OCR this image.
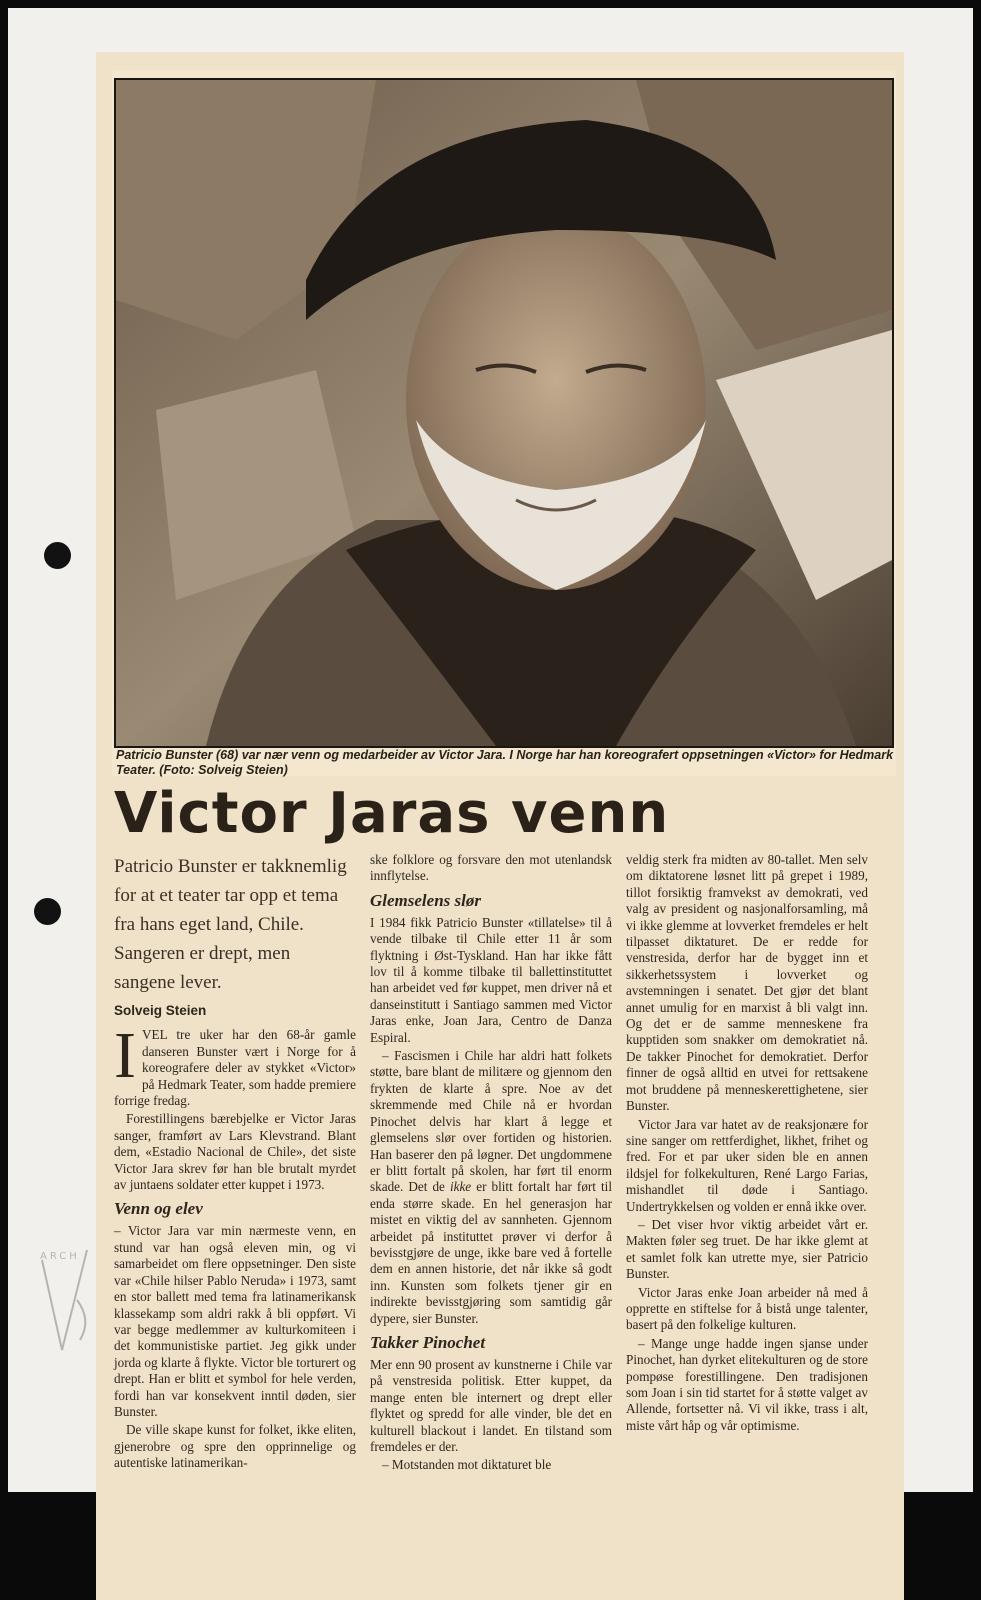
ARCH
Patricio Bunster (68) var nær venn og medarbeider av Victor Jara. I Norge har han koreografert oppsetningen «Victor» for Hedmark Teater. (Foto: Solveig Steien)
Victor Jaras venn
Patricio Bunster er takknemlig for at et teater tar opp et tema fra hans eget land, Chile. Sangeren er drept, men sangene lever.
Solveig Steien

IVEL tre uker har den 68-år gamle danseren Bunster vært i Norge for å koreografere deler av stykket «Victor» på Hedmark Teater, som hadde premiere forrige fredag.

Forestillingens bærebjelke er Victor Jaras sanger, framført av Lars Klevstrand. Blant dem, «Estadio Nacional de Chile», det siste Victor Jara skrev før han ble brutalt myrdet av juntaens soldater etter kuppet i 1973.

Venn og elev

– Victor Jara var min nærmeste venn, en stund var han også eleven min, og vi samarbeidet om flere oppsetninger. Den siste var «Chile hilser Pablo Neruda» i 1973, samt en stor ballett med tema fra latinamerikansk klassekamp som aldri rakk å bli oppført. Vi var begge medlemmer av kulturkomiteen i det kommunistiske partiet. Jeg gikk under jorda og klarte å flykte. Victor ble torturert og drept. Han er blitt et symbol for hele verden, fordi han var konsekvent inntil døden, sier Bunster.

De ville skape kunst for folket, ikke eliten, gjenerobre og spre den opprinnelige og autentiske latinamerikan-

ske folklore og forsvare den mot utenlandsk innflytelse.

Glemselens slør

I 1984 fikk Patricio Bunster «tillatelse» til å vende tilbake til Chile etter 11 år som flyktning i Øst-Tyskland. Han har ikke fått lov til å komme tilbake til ballettinstituttet han arbeidet ved før kuppet, men driver nå et danseinstitutt i Santiago sammen med Victor Jaras enke, Joan Jara, Centro de Danza Espiral.

– Fascismen i Chile har aldri hatt folkets støtte, bare blant de militære og gjennom den frykten de klarte å spre. Noe av det skremmende med Chile nå er hvordan Pinochet delvis har klart å legge et glemselens slør over fortiden og historien. Han baserer den på løgner. Det ungdommene er blitt fortalt på skolen, har ført til enorm skade. Det de ikke er blitt fortalt har ført til enda større skade. En hel generasjon har mistet en viktig del av sannheten. Gjennom arbeidet på instituttet prøver vi derfor å bevisstgjøre de unge, ikke bare ved å fortelle dem en annen historie, det når ikke så godt inn. Kunsten som folkets tjener gir en indirekte bevisstgjøring som samtidig går dypere, sier Bunster.

Takker Pinochet

Mer enn 90 prosent av kunstnerne i Chile var på venstresida politisk. Etter kuppet, da mange enten ble internert og drept eller flyktet og spredd for alle vinder, ble det en kulturell blackout i landet. En tilstand som fremdeles er der.

– Motstanden mot diktaturet ble

veldig sterk fra midten av 80-tallet. Men selv om diktatorene løsnet litt på grepet i 1989, tillot forsiktig framvekst av demokrati, ved valg av president og nasjonalforsamling, må vi ikke glemme at lovverket fremdeles er helt tilpasset diktaturet. De er redde for venstresida, derfor har de bygget inn et sikkerhetssystem i lovverket og avstemningen i senatet. Det gjør det blant annet umulig for en marxist å bli valgt inn. Og det er de samme menneskene fra kupptiden som snakker om demokratiet nå. De takker Pinochet for demokratiet. Derfor finner de også alltid en utvei for rettsakene mot bruddene på menneskerettighetene, sier Bunster.

Victor Jara var hatet av de reaksjonære for sine sanger om rettferdighet, likhet, frihet og fred. For et par uker siden ble en annen ildsjel for folkekulturen, René Largo Farias, mishandlet til døde i Santiago. Undertrykkelsen og volden er ennå ikke over.

– Det viser hvor viktig arbeidet vårt er. Makten føler seg truet. De har ikke glemt at et samlet folk kan utrette mye, sier Patricio Bunster.

Victor Jaras enke Joan arbeider nå med å opprette en stiftelse for å bistå unge talenter, basert på den folkelige kulturen.

– Mange unge hadde ingen sjanse under Pinochet, han dyrket elitekulturen og de store pompøse forestillingene. Den tradisjonen som Joan i sin tid startet for å støtte valget av Allende, fortsetter nå. Vi vil ikke, trass i alt, miste vårt håp og vår optimisme.
